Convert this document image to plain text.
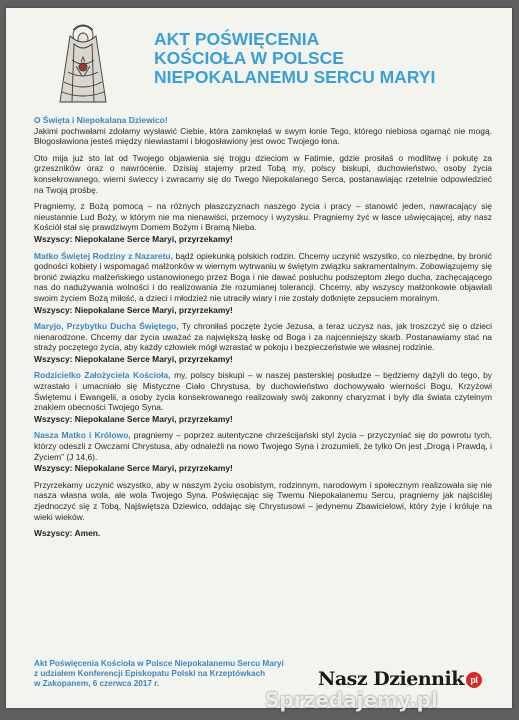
AKT POŚWIĘCENIA
KOŚCIOŁA W POLSCE
NIEPOKALANEMU SERCU MARYI

O Święta i Niepokalana Dziewico!
Jakimi pochwałami zdołamy wysławić Ciebie, która zamknęłaś w swym łonie Tego, którego niebiosa ogarnąć nie mogą. Błogosławiona jesteś między niewiastami i błogosławiony jest owoc Twojego łona.

Oto mija już sto lat od Twojego objawienia się trojgu dzieciom w Fatimie, gdzie prosiłaś o modlitwę i pokutę za grzeszników oraz o nawrócenie. Dzisiaj stajemy przed Tobą my, polscy biskupi, duchowieństwo, osoby życia konsekrowanego, wierni świeccy i zwracamy się do Twego Niepokalanego Serca, postanawiając rzetelnie odpowiedzieć na Twoją prośbę.

Pragniemy, z Bożą pomocą – na różnych płaszczyznach naszego życia i pracy – stanowić jeden, nawracający się nieustannie Lud Boży, w którym nie ma nienawiści, przemocy i wyzysku. Pragniemy żyć w łasce uświęcającej, aby nasz Kościół stał się prawdziwym Domem Bożym i Bramą Nieba.
Wszyscy: Niepokalane Serce Maryi, przyrzekamy!

Matko Świętej Rodziny z Nazaretu, bądź opiekunką polskich rodzin. Chcemy uczynić wszystko, co niezbędne, by bronić godności kobiety i wspomagać małżonków w wiernym wytrwaniu w świętym związku sakramentalnym. Zobowiązujemy się bronić związku małżeńskiego ustanowionego przez Boga i nie dawać posłuchu podszeptom złego ducha, zachęcającego nas do nadużywania wolności i do realizowania źle rozumianej tolerancji. Chcemy, aby wszyscy małżonkowie objawiali swoim życiem Bożą miłość, a dzieci i młodzież nie utraciły wiary i nie zostały dotknięte zepsuciem moralnym.
Wszyscy: Niepokalane Serce Maryi, przyrzekamy!

Maryjo, Przybytku Ducha Świętego, Ty chroniłaś poczęte życie Jezusa, a teraz uczysz nas, jak troszczyć się o dzieci nienarodzone. Chcemy dar życia uważać za największą łaskę od Boga i za najcenniejszy skarb. Postanawiamy stać na straży poczętego życia, aby każdy człowiek mógł wzrastać w pokoju i bezpieczeństwie we własnej rodzinie.
Wszyscy: Niepokalane Serce Maryi, przyrzekamy!

Rodzicielko Założyciela Kościoła, my, polscy biskupi – w naszej pasterskiej posłudze – będziemy dążyli do tego, by wzrastało i umacniało się Mistyczne Ciało Chrystusa, by duchowieństwo dochowywało wierności Bogu, Krzyżowi Świętemu i Ewangelii, a osoby życia konsekrowanego realizowały swój zakonny charyzmat i były dla świata czytelnym znakiem obecności Twojego Syna.
Wszyscy: Niepokalane Serce Maryi, przyrzekamy!

Nasza Matko i Królowo, pragniemy – poprzez autentyczne chrześcijański styl życia – przyczyniać się do powrotu tych, którzy odeszli z Owczarni Chrystusa, aby odnaleźli na nowo Twojego Syna i zrozumieli, że tylko On jest „Drogą i Prawdą, i Życiem” (J 14,6).
Wszyscy: Niepokalane Serce Maryi, przyrzekamy!

Przyrzekamy uczynić wszystko, aby w naszym życiu osobistym, rodzinnym, narodowym i społecznym realizowała się nie nasza własna wola, ale wola Twojego Syna. Poświęcając się Twemu Niepokalanemu Sercu, pragniemy jak najściślej zjednoczyć się z Tobą, Najświętsza Dziewico, oddając się Chrystusowi – jedynemu Zbawicielowi, który żyje i króluje na wieki wieków.

Wszyscy: Amen.

Akt Poświęcenia Kościoła w Polsce Niepokalanemu Sercu Maryi
z udziałem Konferencji Episkopatu Polski na Krzeptówkach
w Zakopanem, 6 czerwca 2017 r.	Nasz Dziennik pl
Sprzedajemy.pl
